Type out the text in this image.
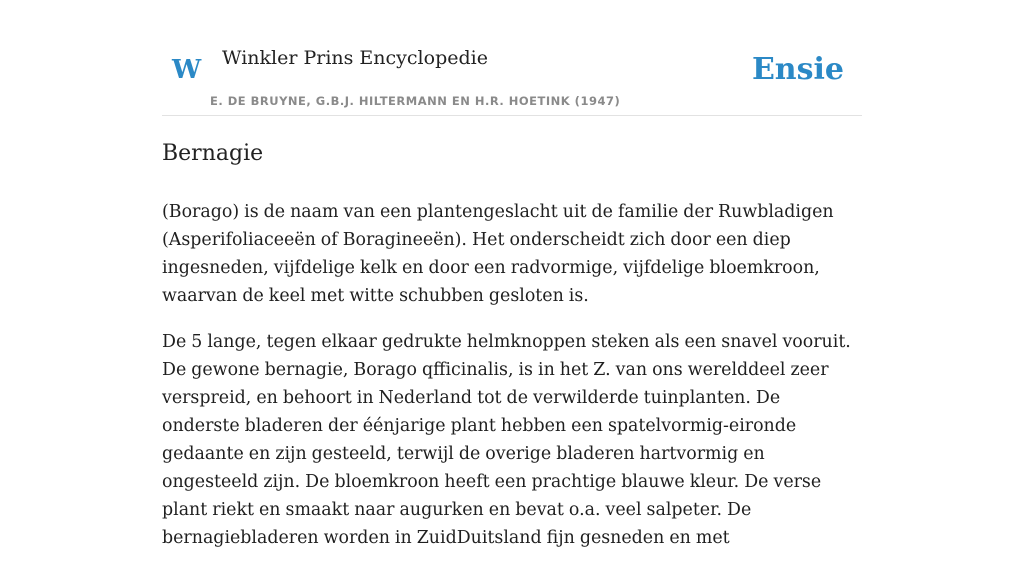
W Winkler Prins Encyclopedie
E. DE BRUYNE, G.B.J. HILTERMANN EN H.R. HOETINK (1947)
Ensie
Bernagie

(Borago) is de naam van een plantengeslacht uit de familie der Ruwbladigen (Asperifoliaceeën of Boragineeën). Het onderscheidt zich door een diep ingesneden, vijfdelige kelk en door een radvormige, vijfdelige bloemkroon, waarvan de keel met witte schubben gesloten is.

De 5 lange, tegen elkaar gedrukte helmknoppen steken als een snavel vooruit. De gewone bernagie, Borago qfficinalis, is in het Z. van ons werelddeel zeer verspreid, en behoort in Nederland tot de verwilderde tuinplanten. De onderste bladeren der éénjarige plant hebben een spatelvormig-eironde gedaante en zijn gesteeld, terwijl de overige bladeren hartvormig en ongesteeld zijn. De bloemkroon heeft een prachtige blauwe kleur. De verse plant riekt en smaakt naar augurken en bevat o.a. veel salpeter. De bernagiebladeren worden in ZuidDuitsland fijn gesneden en met
